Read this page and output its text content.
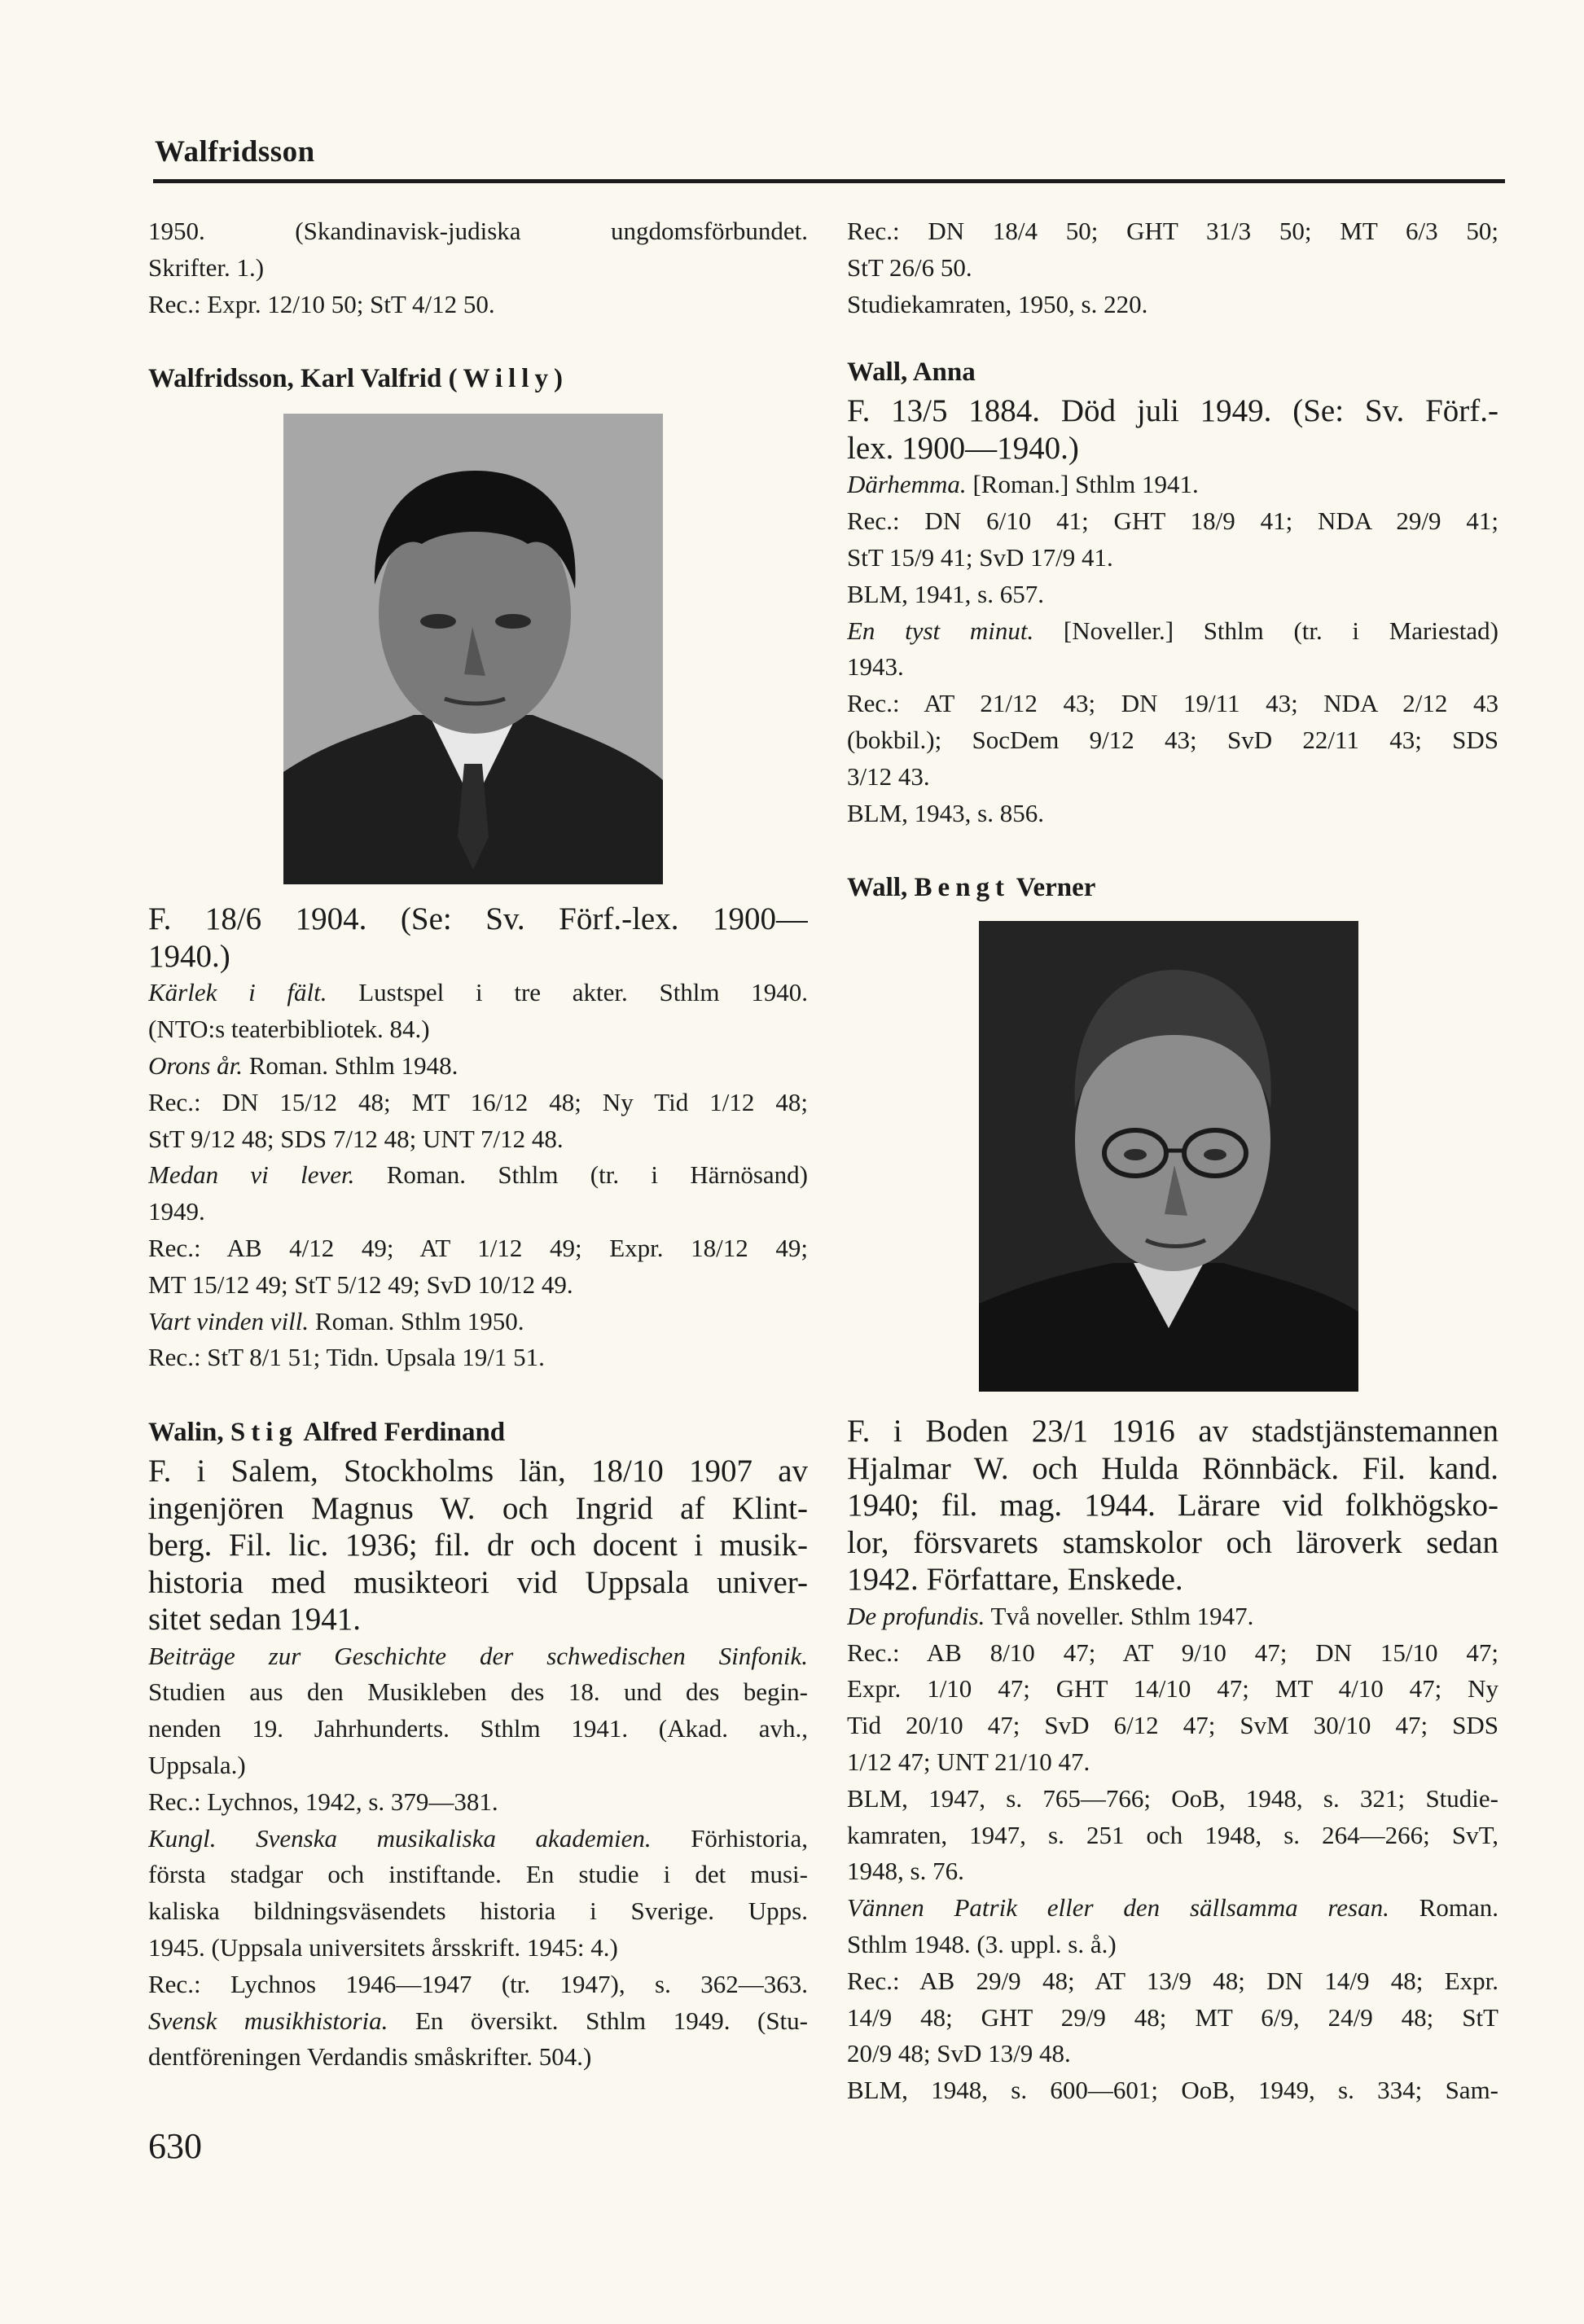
Walfridsson
1950. (Skandinavisk-judiska ungdomsförbundet.
Skrifter. 1.)
Rec.: Expr. 12/10 50; StT 4/12 50.
Walfridsson, Karl Valfrid (Willy)
F. 18/6 1904. (Se: Sv. Förf.-lex. 1900—
1940.)
Kärlek i fält. Lustspel i tre akter. Sthlm 1940.
(NTO:s teaterbibliotek. 84.)
Orons år. Roman. Sthlm 1948.
Rec.: DN 15/12 48; MT 16/12 48; Ny Tid 1/12 48;
StT 9/12 48; SDS 7/12 48; UNT 7/12 48.
Medan vi lever. Roman. Sthlm (tr. i Härnösand)
1949.
Rec.: AB 4/12 49; AT 1/12 49; Expr. 18/12 49;
MT 15/12 49; StT 5/12 49; SvD 10/12 49.
Vart vinden vill. Roman. Sthlm 1950.
Rec.: StT 8/1 51; Tidn. Upsala 19/1 51.
Walin, Stig Alfred Ferdinand
F. i Salem, Stockholms län, 18/10 1907 av
ingenjören Magnus W. och Ingrid af Klint-
berg. Fil. lic. 1936; fil. dr och docent i musik-
historia med musikteori vid Uppsala univer-
sitet sedan 1941.
Beiträge zur Geschichte der schwedischen Sinfonik.
Studien aus den Musikleben des 18. und des begin-
nenden 19. Jahrhunderts. Sthlm 1941. (Akad. avh.,
Uppsala.)
Rec.: Lychnos, 1942, s. 379—381.
Kungl. Svenska musikaliska akademien. Förhistoria,
första stadgar och instiftande. En studie i det musi-
kaliska bildningsväsendets historia i Sverige. Upps.
1945. (Uppsala universitets årsskrift. 1945: 4.)
Rec.: Lychnos 1946—1947 (tr. 1947), s. 362—363.
Svensk musikhistoria. En översikt. Sthlm 1949. (Stu-
dentföreningen Verdandis småskrifter. 504.)
Rec.: DN 18/4 50; GHT 31/3 50; MT 6/3 50;
StT 26/6 50.
Studiekamraten, 1950, s. 220.
Wall, Anna
F. 13/5 1884. Död juli 1949. (Se: Sv. Förf.-
lex. 1900—1940.)
Därhemma. [Roman.] Sthlm 1941.
Rec.: DN 6/10 41; GHT 18/9 41; NDA 29/9 41;
StT 15/9 41; SvD 17/9 41.
BLM, 1941, s. 657.
En tyst minut. [Noveller.] Sthlm (tr. i Mariestad)
1943.
Rec.: AT 21/12 43; DN 19/11 43; NDA 2/12 43
(bokbil.); SocDem 9/12 43; SvD 22/11 43; SDS
3/12 43.
BLM, 1943, s. 856.
Wall, Bengt Verner
F. i Boden 23/1 1916 av stadstjänstemannen
Hjalmar W. och Hulda Rönnbäck. Fil. kand.
1940; fil. mag. 1944. Lärare vid folkhögsko-
lor, försvarets stamskolor och läroverk sedan
1942. Författare, Enskede.
De profundis. Två noveller. Sthlm 1947.
Rec.: AB 8/10 47; AT 9/10 47; DN 15/10 47;
Expr. 1/10 47; GHT 14/10 47; MT 4/10 47; Ny
Tid 20/10 47; SvD 6/12 47; SvM 30/10 47; SDS
1/12 47; UNT 21/10 47.
BLM, 1947, s. 765—766; OoB, 1948, s. 321; Studie-
kamraten, 1947, s. 251 och 1948, s. 264—266; SvT,
1948, s. 76.
Vännen Patrik eller den sällsamma resan. Roman.
Sthlm 1948. (3. uppl. s. å.)
Rec.: AB 29/9 48; AT 13/9 48; DN 14/9 48; Expr.
14/9 48; GHT 29/9 48; MT 6/9, 24/9 48; StT
20/9 48; SvD 13/9 48.
BLM, 1948, s. 600—601; OoB, 1949, s. 334; Sam-
630
